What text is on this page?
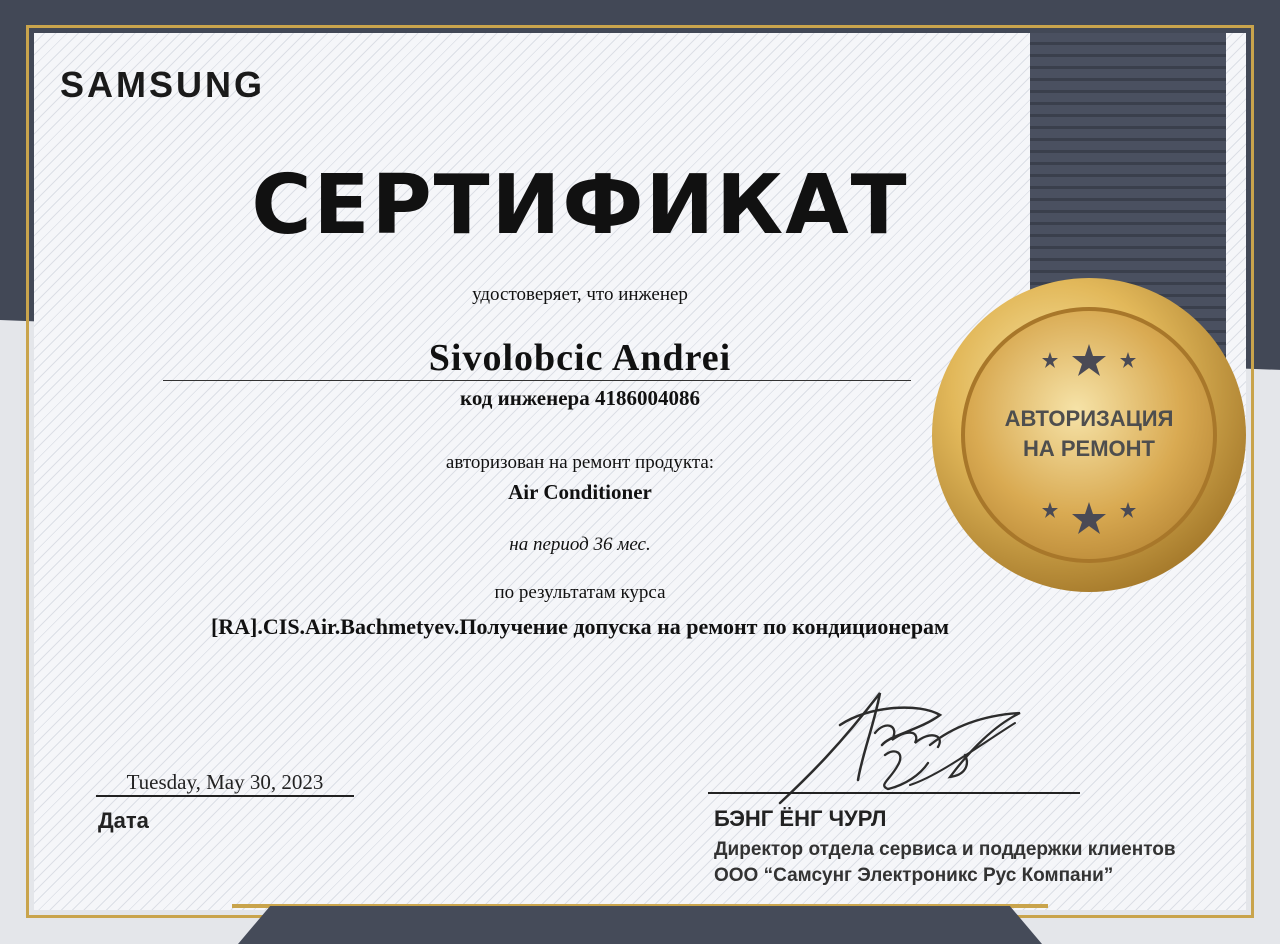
SAMSUNG
СЕРТИФИКАТ
удостоверяет, что инженер
Sivolobcic Andrei
код инженера 4186004086
авторизован на ремонт продукта:
Air Conditioner
на период 36 мес.
по результатам курса
[RA].CIS.Air.Bachmetyev.Получение допуска на ремонт по кондиционерам
Tuesday, May 30, 2023
Дата	БЭНГ ЁНГ ЧУРЛ
Директор отдела сервиса и поддержки клиентов
ООО “Самсунг Электроникс Рус Компани”
АВТОРИЗАЦИЯ
НА РЕМОНТ
